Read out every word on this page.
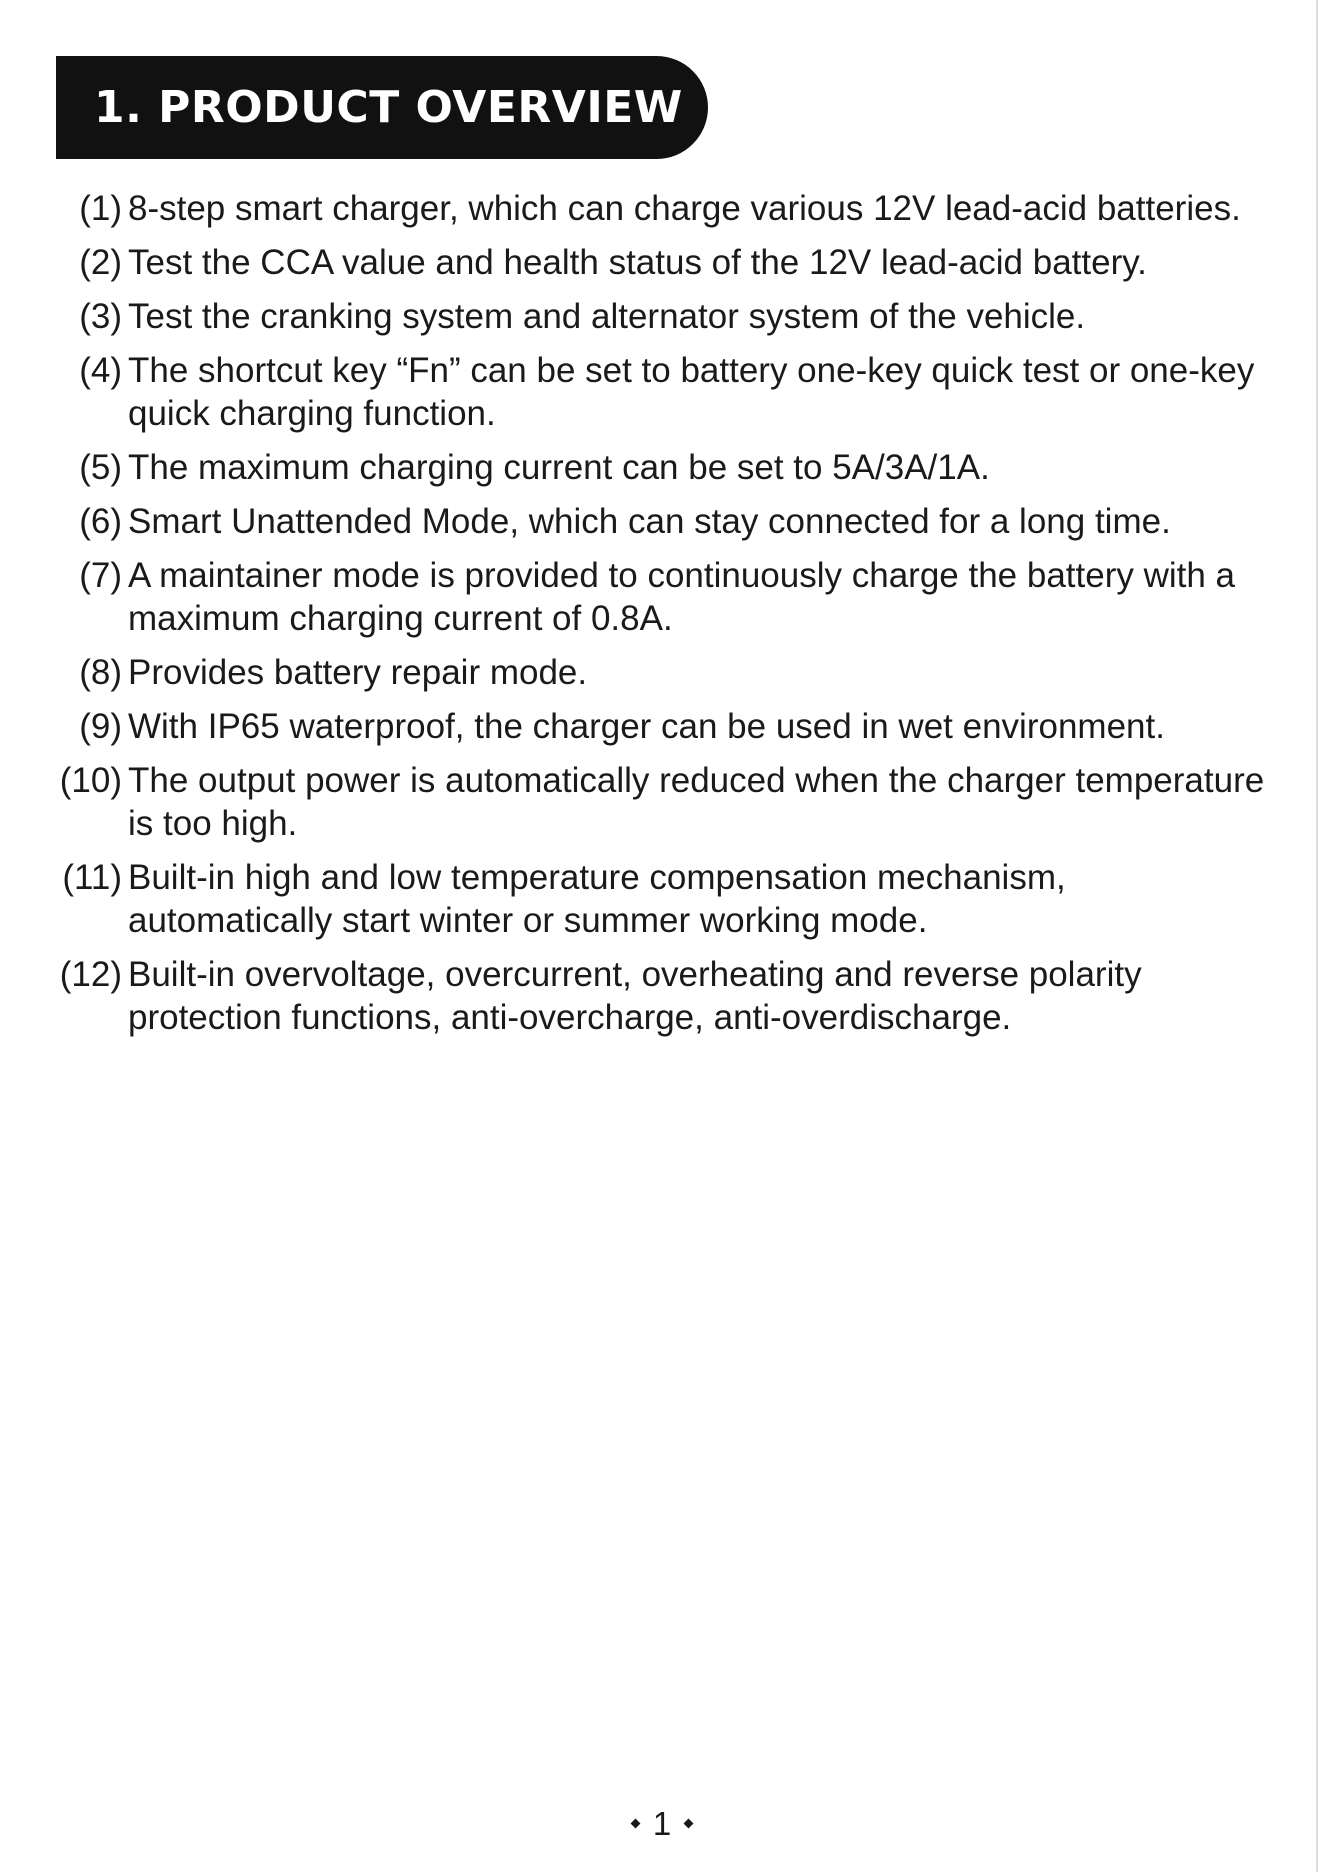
1. PRODUCT OVERVIEW
(1) 8-step smart charger, which can charge various 12V lead-acid batteries.
(2) Test the CCA value and health status of the 12V lead-acid battery.
(3) Test the cranking system and alternator system of the vehicle.
(4) The shortcut key “Fn” can be set to battery one-key quick test or one-key quick charging function.
(5) The maximum charging current can be set to 5A/3A/1A.
(6) Smart Unattended Mode, which can stay connected for a long time.
(7) A maintainer mode is provided to continuously charge the battery with a maximum charging current of 0.8A.
(8) Provides battery repair mode.
(9) With IP65 waterproof, the charger can be used in wet environment.
(10) The output power is automatically reduced when the charger temperature is too high.
(11) Built-in high and low temperature compensation mechanism, automatically start winter or summer working mode.
(12) Built-in overvoltage, overcurrent, overheating and reverse polarity protection functions, anti-overcharge, anti-overdischarge.
1
